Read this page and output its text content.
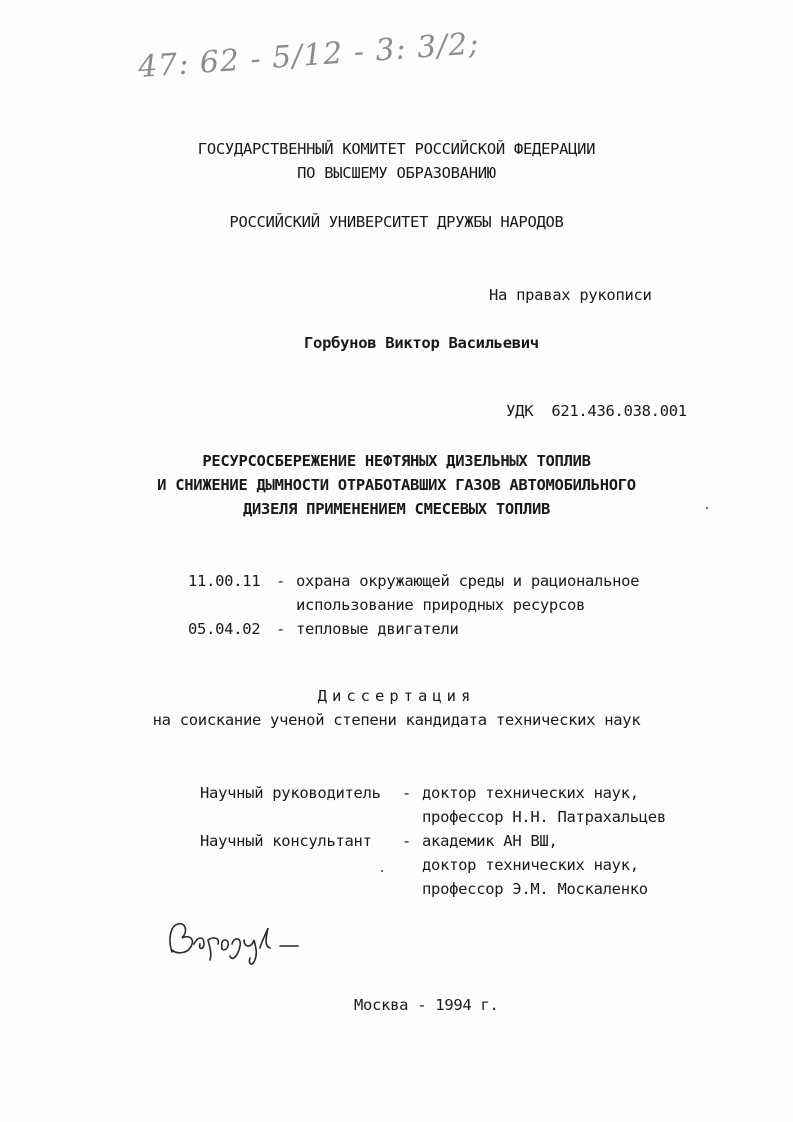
47: 62 - 5/12 - 3: 3/2;
ГОСУДАРСТВЕННЫЙ КОМИТЕТ РОССИЙСКОЙ ФЕДЕРАЦИИ
ПО ВЫСШЕМУ ОБРАЗОВАНИЮ
РОССИЙСКИЙ УНИВЕРСИТЕТ ДРУЖБЫ НАРОДОВ
На правах рукописи
Горбунов Виктор Васильевич

УДК 621.436.038.001

РЕСУРСОСБЕРЕЖЕНИЕ НЕФТЯНЫХ ДИЗЕЛЬНЫХ ТОПЛИВ
И СНИЖЕНИЕ ДЫМНОСТИ ОТРАБОТАВШИХ ГАЗОВ АВТОМОБИЛЬНОГО
ДИЗЕЛЯ ПРИМЕНЕНИЕМ СМЕСЕВЫХ ТОПЛИВ
11.00.11 - охрана окружающей среды и рациональное
использование природных ресурсов
05.04.02 - тепловые двигатели
Диссертация
на соискание ученой степени кандидата технических наук
Научный руководитель - доктор технических наук,
профессор Н.Н. Патрахальцев
Научный консультант - академик АН ВШ,
доктор технических наук,
профессор Э.М. Москаленко
Москва - 1994 г.
